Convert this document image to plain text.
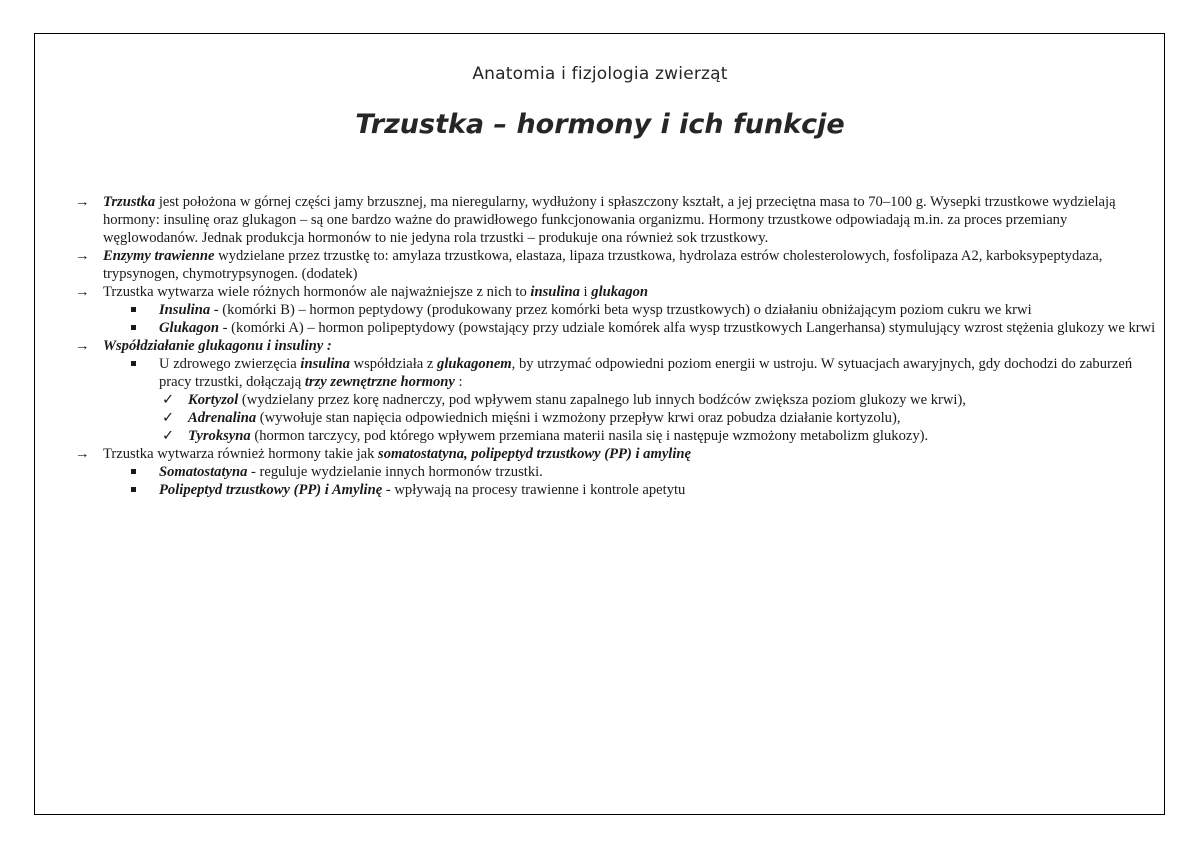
Anatomia i fizjologia zwierząt
Trzustka – hormony i ich funkcje
→ Trzustka jest położona w górnej części jamy brzusznej, ma nieregularny, wydłużony i spłaszczony kształt, a jej przeciętna masa to 70–100 g. Wysepki trzustkowe wydzielają hormony: insulinę oraz glukagon – są one bardzo ważne do prawidłowego funkcjonowania organizmu. Hormony trzustkowe odpowiadają m.in. za proces przemiany węglowodanów. Jednak produkcja hormonów to nie jedyna rola trzustki – produkuje ona również sok trzustkowy.
→ Enzymy trawienne wydzielane przez trzustkę to: amylaza trzustkowa, elastaza, lipaza trzustkowa, hydrolaza estrów cholesterolowych, fosfolipaza A2, karboksypeptydaza, trypsynogen, chymotrypsynogen. (dodatek)
→ Trzustka wytwarza wiele różnych hormonów ale najważniejsze z nich to insulina i glukagon
Insulina - (komórki B) – hormon peptydowy (produkowany przez komórki beta wysp trzustkowych) o działaniu obniżającym poziom cukru we krwi
Glukagon - (komórki A) – hormon polipeptydowy (powstający przy udziale komórek alfa wysp trzustkowych Langerhansa) stymulujący wzrost stężenia glukozy we krwi
→ Współdziałanie glukagonu i insuliny :
U zdrowego zwierzęcia insulina współdziała z glukagonem, by utrzymać odpowiedni poziom energii w ustroju. W sytuacjach awaryjnych, gdy dochodzi do zaburzeń pracy trzustki, dołączają trzy zewnętrzne hormony :
✓ Kortyzol (wydzielany przez korę nadnerczy, pod wpływem stanu zapalnego lub innych bodźców zwiększa poziom glukozy we krwi),
✓ Adrenalina (wywołuje stan napięcia odpowiednich mięśni i wzmożony przepływ krwi oraz pobudza działanie kortyzolu),
✓ Tyroksyna (hormon tarczycy, pod którego wpływem przemiana materii nasila się i następuje wzmożony metabolizm glukozy).
→ Trzustka wytwarza również hormony takie jak somatostatyna, polipeptyd trzustkowy (PP) i amylinę
Somatostatyna - reguluje wydzielanie innych hormonów trzustki.
Polipeptyd trzustkowy (PP) i Amylinę - wpływają na procesy trawienne i kontrole apetytu
